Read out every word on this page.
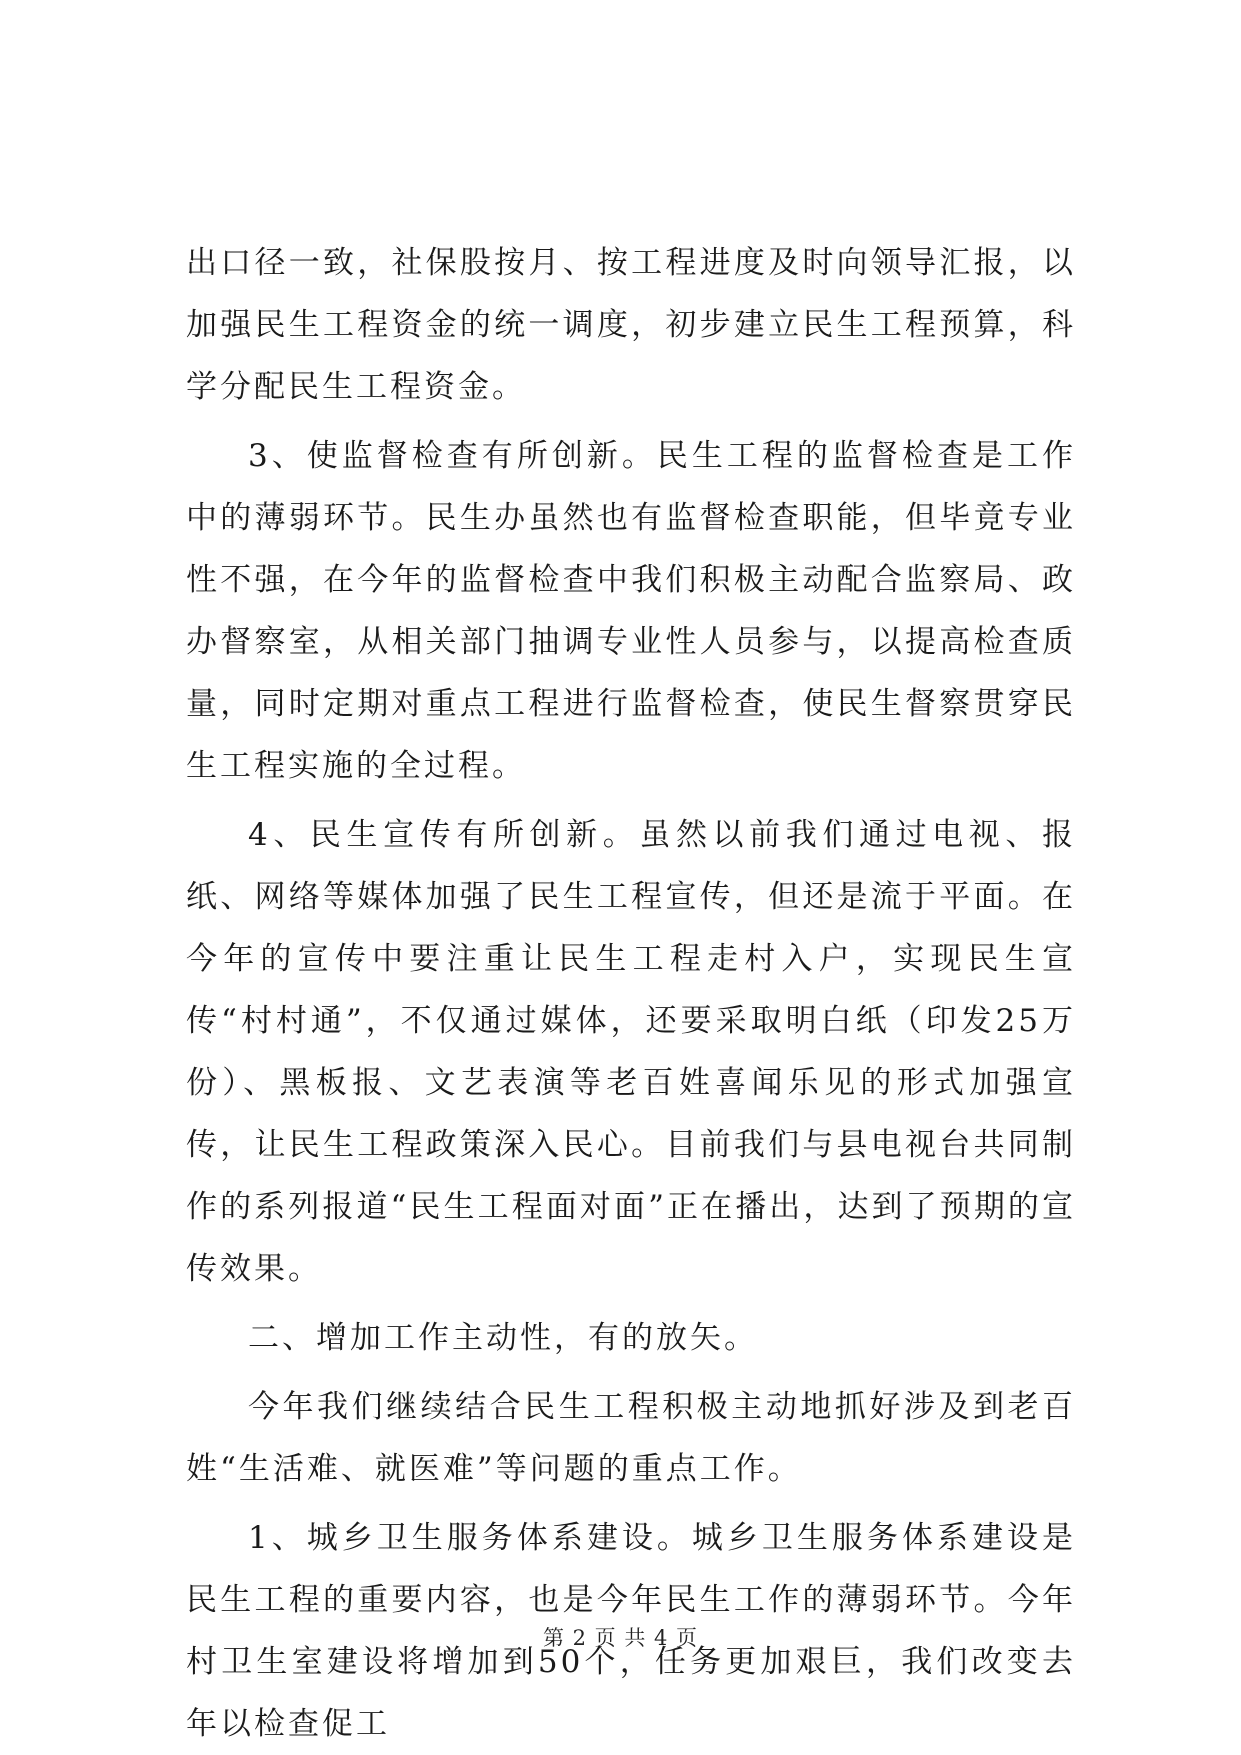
出口径一致，社保股按月、按工程进度及时向领导汇报，以加强民生工程资金的统一调度，初步建立民生工程预算，科学分配民生工程资金。

3、使监督检查有所创新。民生工程的监督检查是工作中的薄弱环节。民生办虽然也有监督检查职能，但毕竟专业性不强，在今年的监督检查中我们积极主动配合监察局、政办督察室，从相关部门抽调专业性人员参与，以提高检查质量，同时定期对重点工程进行监督检查，使民生督察贯穿民生工程实施的全过程。

4、民生宣传有所创新。虽然以前我们通过电视、报纸、网络等媒体加强了民生工程宣传，但还是流于平面。在今年的宣传中要注重让民生工程走村入户，实现民生宣传“村村通”，不仅通过媒体，还要采取明白纸（印发25万份）、黑板报、文艺表演等老百姓喜闻乐见的形式加强宣传，让民生工程政策深入民心。目前我们与县电视台共同制作的系列报道“民生工程面对面”正在播出，达到了预期的宣传效果。

二、增加工作主动性，有的放矢。

今年我们继续结合民生工程积极主动地抓好涉及到老百姓“生活难、就医难”等问题的重点工作。

1、城乡卫生服务体系建设。城乡卫生服务体系建设是民生工程的重要内容，也是今年民生工作的薄弱环节。今年村卫生室建设将增加到50个，任务更加艰巨，我们改变去年以检查促工

第 2 页 共 4 页
